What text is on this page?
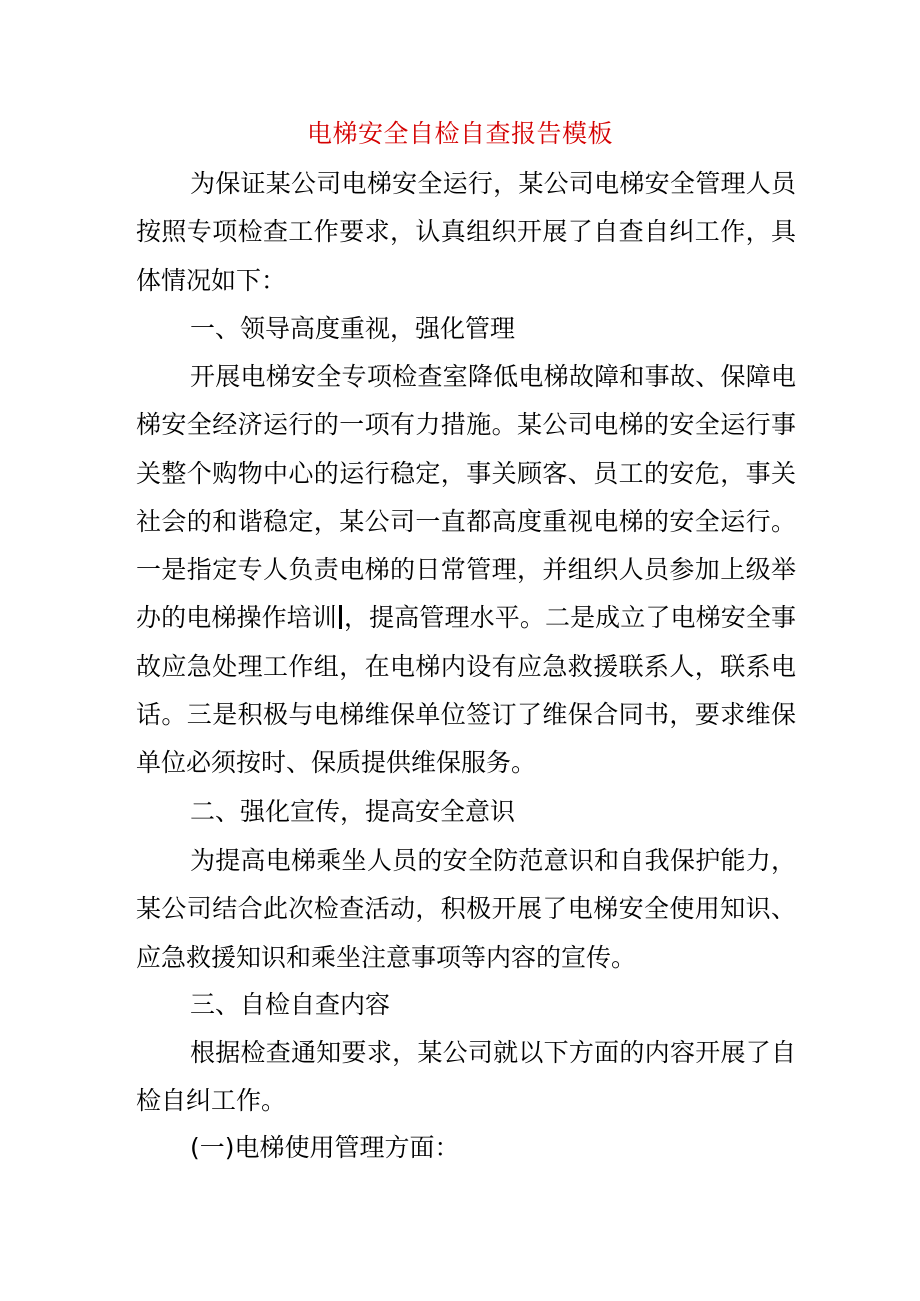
电梯安全自检自查报告模板

为保证某公司电梯安全运行，某公司电梯安全管理人员按照专项检查工作要求，认真组织开展了自查自纠工作，具体情况如下：

一、领导高度重视，强化管理

开展电梯安全专项检查室降低电梯故障和事故、保障电梯安全经济运行的一项有力措施。某公司电梯的安全运行事关整个购物中心的运行稳定，事关顾客、员工的安危，事关社会的和谐稳定，某公司一直都高度重视电梯的安全运行。一是指定专人负责电梯的日常管理，并组织人员参加上级举办的电梯操作培训 ，提高管理水平。二是成立了电梯安全事故应急处理工作组，在电梯内设有应急救援联系人，联系电话。三是积极与电梯维保单位签订了维保合同书，要求维保单位必须按时、保质提供维保服务。

二、强化宣传，提高安全意识

为提高电梯乘坐人员的安全防范意识和自我保护能力，某公司结合此次检查活动，积极开展了电梯安全使用知识、应急救援知识和乘坐注意事项等内容的宣传。

三、自检自查内容

根据检查通知要求，某公司就以下方面的内容开展了自检自纠工作。

(一)电梯使用管理方面：
